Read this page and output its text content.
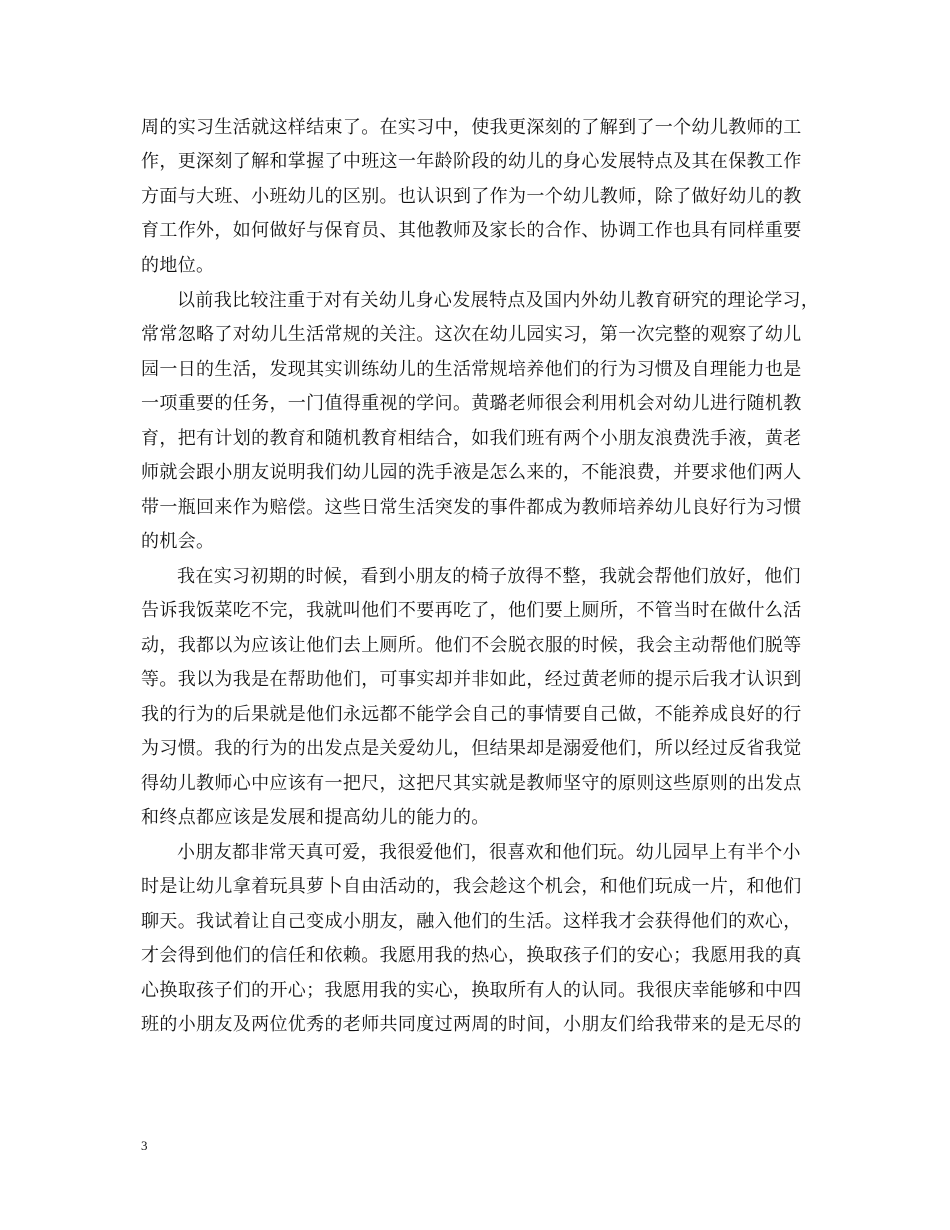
周的实习生活就这样结束了。在实习中，使我更深刻的了解到了一个幼儿教师的工
作，更深刻了解和掌握了中班这一年龄阶段的幼儿的身心发展特点及其在保教工作
方面与大班、小班幼儿的区别。也认识到了作为一个幼儿教师，除了做好幼儿的教
育工作外，如何做好与保育员、其他教师及家长的合作、协调工作也具有同样重要
的地位。
以前我比较注重于对有关幼儿身心发展特点及国内外幼儿教育研究的理论学习，
常常忽略了对幼儿生活常规的关注。这次在幼儿园实习，第一次完整的观察了幼儿
园一日的生活，发现其实训练幼儿的生活常规培养他们的行为习惯及自理能力也是
一项重要的任务，一门值得重视的学问。黄璐老师很会利用机会对幼儿进行随机教
育，把有计划的教育和随机教育相结合，如我们班有两个小朋友浪费洗手液，黄老
师就会跟小朋友说明我们幼儿园的洗手液是怎么来的，不能浪费，并要求他们两人
带一瓶回来作为赔偿。这些日常生活突发的事件都成为教师培养幼儿良好行为习惯
的机会。
我在实习初期的时候，看到小朋友的椅子放得不整，我就会帮他们放好，他们
告诉我饭菜吃不完，我就叫他们不要再吃了，他们要上厕所，不管当时在做什么活
动，我都以为应该让他们去上厕所。他们不会脱衣服的时候，我会主动帮他们脱等
等。我以为我是在帮助他们，可事实却并非如此，经过黄老师的提示后我才认识到
我的行为的后果就是他们永远都不能学会自己的事情要自己做，不能养成良好的行
为习惯。我的行为的出发点是关爱幼儿，但结果却是溺爱他们，所以经过反省我觉
得幼儿教师心中应该有一把尺，这把尺其实就是教师坚守的原则这些原则的出发点
和终点都应该是发展和提高幼儿的能力的。
小朋友都非常天真可爱，我很爱他们，很喜欢和他们玩。幼儿园早上有半个小
时是让幼儿拿着玩具萝卜自由活动的，我会趁这个机会，和他们玩成一片，和他们
聊天。我试着让自己变成小朋友，融入他们的生活。这样我才会获得他们的欢心，
才会得到他们的信任和依赖。我愿用我的热心，换取孩子们的安心；我愿用我的真
心换取孩子们的开心；我愿用我的实心，换取所有人的认同。我很庆幸能够和中四
班的小朋友及两位优秀的老师共同度过两周的时间，小朋友们给我带来的是无尽的
3
